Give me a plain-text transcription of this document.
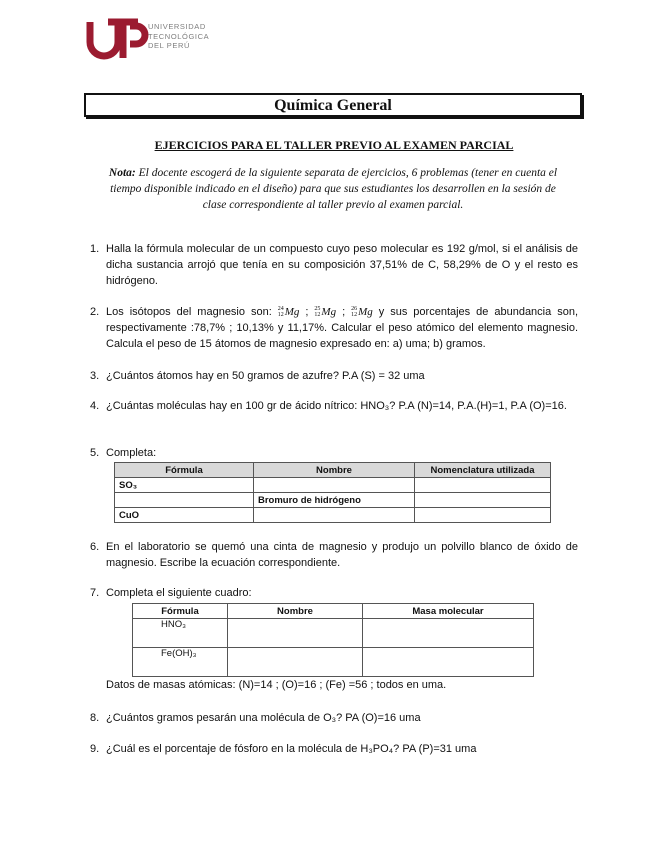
UNIVERSIDAD
TECNOLÓGICA
DEL PERÚ
Química General
EJERCICIOS PARA EL TALLER PREVIO AL EXAMEN PARCIAL
Nota: El docente escogerá de la siguiente separata de ejercicios, 6 problemas (tener en cuenta el tiempo disponible indicado en el diseño) para que sus estudiantes los desarrollen en la sesión de clase correspondiente al taller previo al examen parcial.
1. Halla la fórmula molecular de un compuesto cuyo peso molecular es 192 g/mol, si el análisis de dicha sustancia arrojó que tenía en su composición 37,51% de C, 58,29% de O y el resto es hidrógeno.
2. Los isótopos del magnesio son: 24
12 Mg ; 25
12 Mg ; 26
12 Mg y sus porcentajes de abundancia son, respectivamente :78,7% ; 10,13% y 11,17%. Calcular el peso atómico del elemento magnesio. Calcula el peso de 15 átomos de magnesio expresado en: a) uma; b) gramos.
3. ¿Cuántos átomos hay en 50 gramos de azufre? P.A (S) = 32 uma
4. ¿Cuántas moléculas hay en 100 gr de ácido nítrico: HNO₃? P.A (N)=14, P.A.(H)=1, P.A (O)=16.
5. Completa:
Fórmula	Nombre	Nomenclatura utilizada
SO₃		
	Bromuro de hidrógeno	
CuO		
6. En el laboratorio se quemó una cinta de magnesio y produjo un polvillo blanco de óxido de magnesio. Escribe la ecuación correspondiente.
7. Completa el siguiente cuadro:
Fórmula	Nombre	Masa molecular
HNO₃		
Fe(OH)₃		
Datos de masas atómicas: (N)=14 ; (O)=16 ; (Fe) =56 ; todos en uma.
8. ¿Cuántos gramos pesarán una molécula de O₃? PA (O)=16 uma
9. ¿Cuál es el porcentaje de fósforo en la molécula de H₃PO₄? PA (P)=31 uma
